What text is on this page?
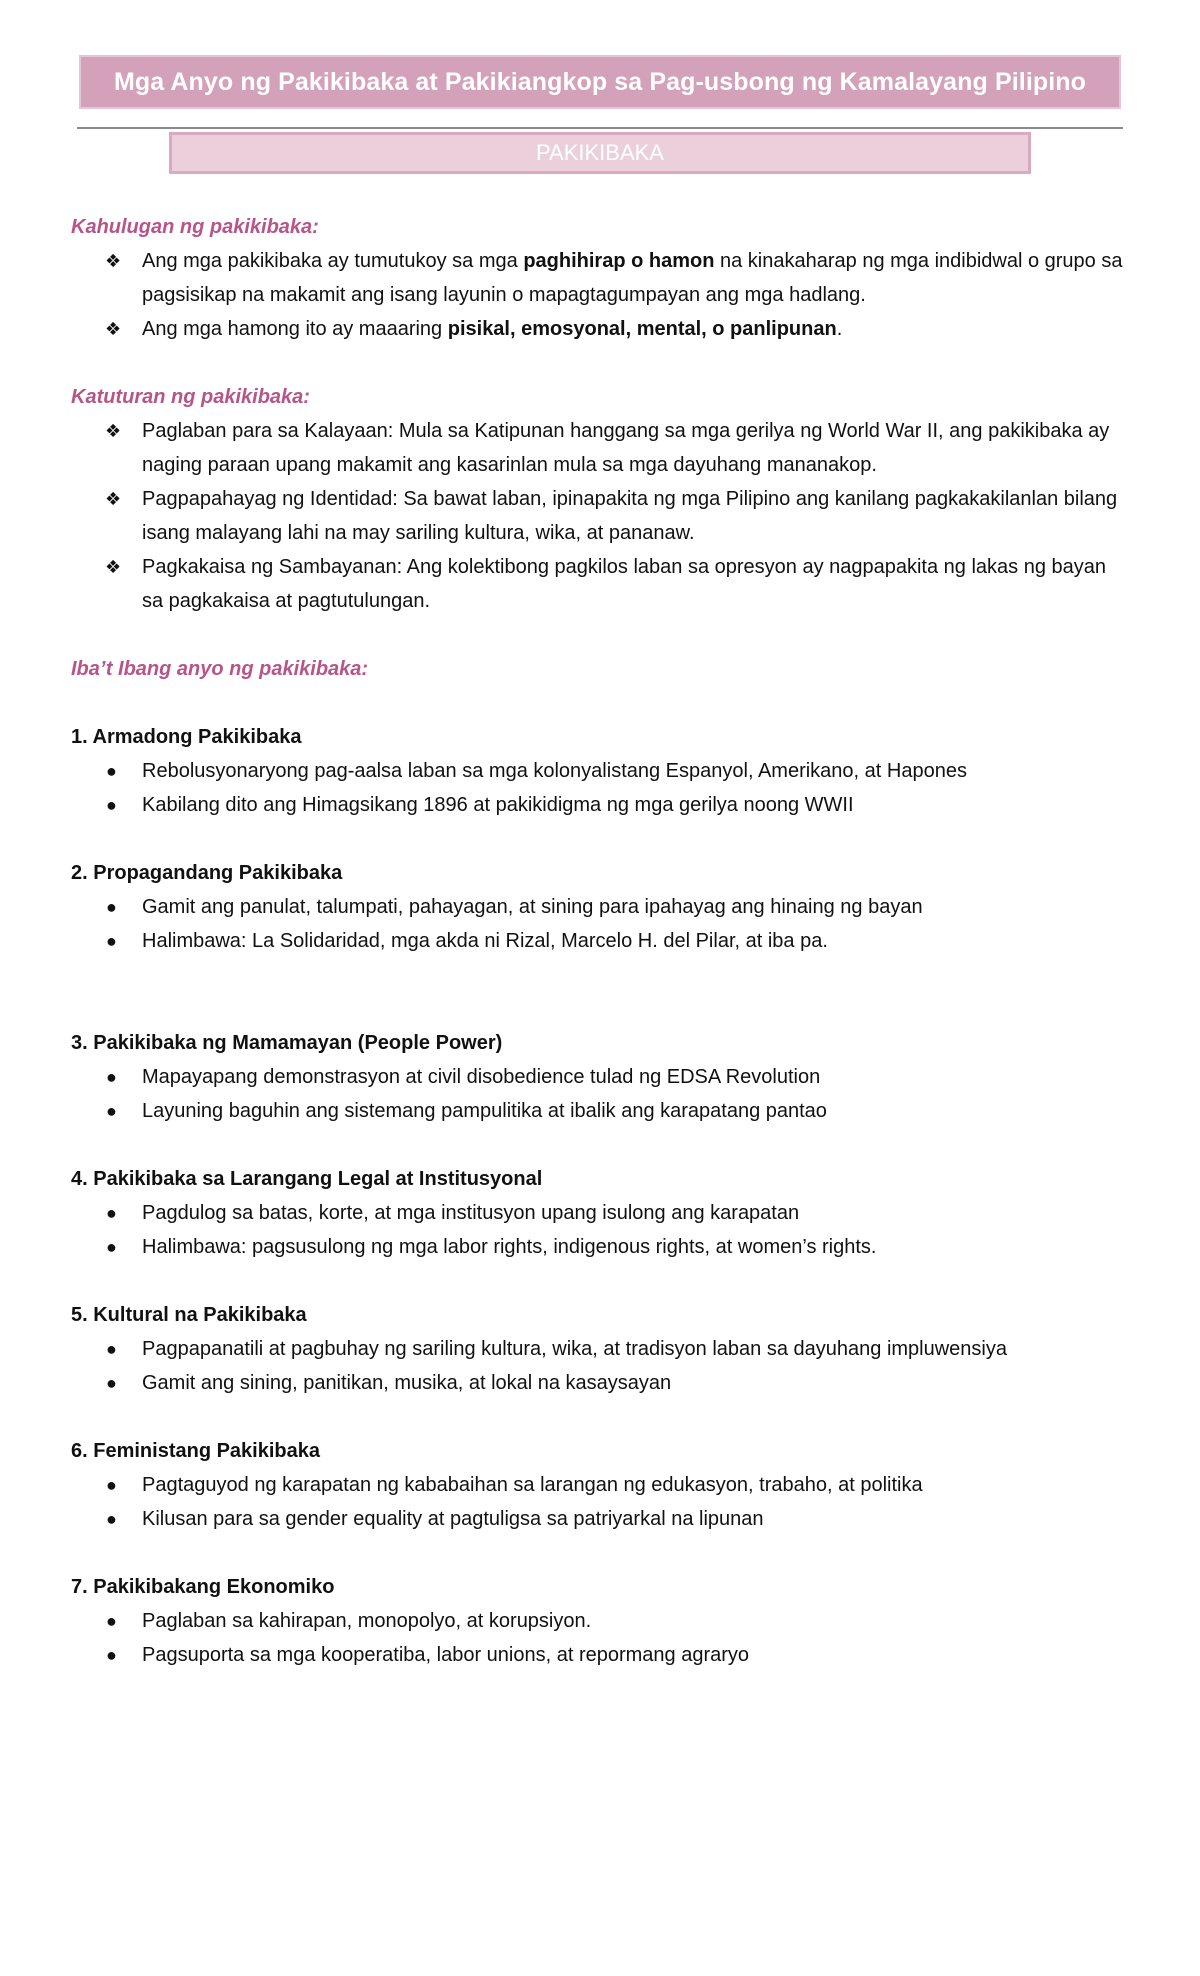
Mga Anyo ng Pakikibaka at Pakikiangkop sa Pag-usbong ng Kamalayang Pilipino
PAKIKIBAKA

Kahulugan ng pakikibaka:

❖ Ang mga pakikibaka ay tumutukoy sa mga paghihirap o hamon na kinakaharap ng mga indibidwal o grupo sa pagsisikap na makamit ang isang layunin o mapagtagumpayan ang mga hadlang.
❖ Ang mga hamong ito ay maaaring pisikal, emosyonal, mental, o panlipunan.

Katuturan ng pakikibaka:

❖ Paglaban para sa Kalayaan: Mula sa Katipunan hanggang sa mga gerilya ng World War II, ang pakikibaka ay naging paraan upang makamit ang kasarinlan mula sa mga dayuhang mananakop.
❖ Pagpapahayag ng Identidad: Sa bawat laban, ipinapakita ng mga Pilipino ang kanilang pagkakakilanlan bilang isang malayang lahi na may sariling kultura, wika, at pananaw.
❖ Pagkakaisa ng Sambayanan: Ang kolektibong pagkilos laban sa opresyon ay nagpapakita ng lakas ng bayan sa pagkakaisa at pagtutulungan.

Iba’t Ibang anyo ng pakikibaka:

1. Armadong Pakikibaka

● Rebolusyonaryong pag-aalsa laban sa mga kolonyalistang Espanyol, Amerikano, at Hapones
● Kabilang dito ang Himagsikang 1896 at pakikidigma ng mga gerilya noong WWII

2. Propagandang Pakikibaka

● Gamit ang panulat, talumpati, pahayagan, at sining para ipahayag ang hinaing ng bayan
● Halimbawa: La Solidaridad, mga akda ni Rizal, Marcelo H. del Pilar, at iba pa.

3. Pakikibaka ng Mamamayan (People Power)

● Mapayapang demonstrasyon at civil disobedience tulad ng EDSA Revolution
● Layuning baguhin ang sistemang pampulitika at ibalik ang karapatang pantao

4. Pakikibaka sa Larangang Legal at Institusyonal

● Pagdulog sa batas, korte, at mga institusyon upang isulong ang karapatan
● Halimbawa: pagsusulong ng mga labor rights, indigenous rights, at women’s rights.

5. Kultural na Pakikibaka

● Pagpapanatili at pagbuhay ng sariling kultura, wika, at tradisyon laban sa dayuhang impluwensiya
● Gamit ang sining, panitikan, musika, at lokal na kasaysayan

6. Feministang Pakikibaka

● Pagtaguyod ng karapatan ng kababaihan sa larangan ng edukasyon, trabaho, at politika
● Kilusan para sa gender equality at pagtuligsa sa patriyarkal na lipunan

7. Pakikibakang Ekonomiko

● Paglaban sa kahirapan, monopolyo, at korupsiyon.
● Pagsuporta sa mga kooperatiba, labor unions, at repormang agraryo
